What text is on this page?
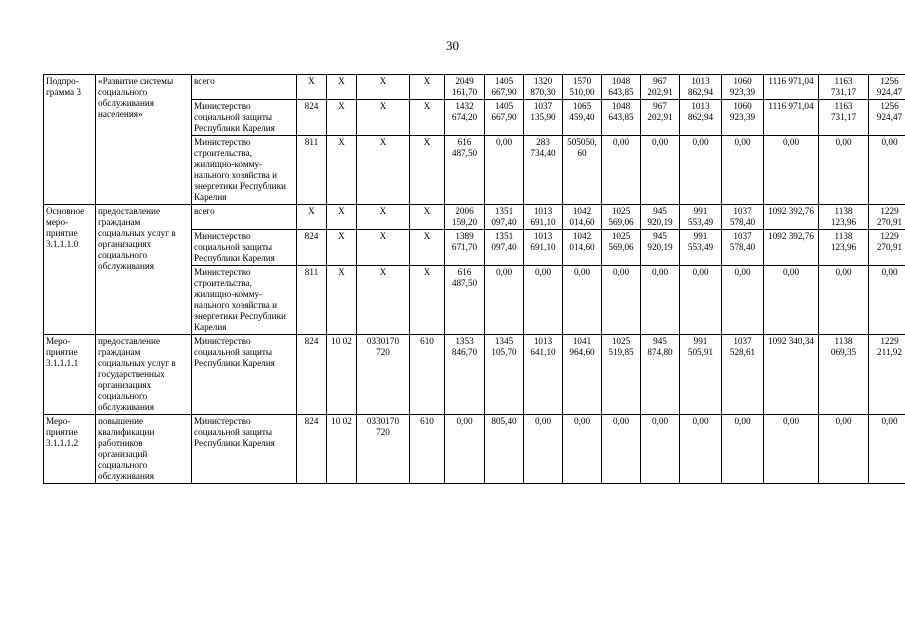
30
Подпро-грамма 3	«Развитие системы социального обслуживания населения»	всего	Х	Х	Х	Х	2049 161,70	1405 667,90	1320 870,30	1570 510,00	1048 643,85	967 202,91	1013 862,94	1060 923,39	1116 971,04	1163 731,17	1256 924,47
		Министерство социальной защиты Республики Карелия	824	Х	Х	Х	1432 674,20	1405 667,90	1037 135,90	1065 459,40	1048 643,85	967 202,91	1013 862,94	1060 923,39	1116 971,04	1163 731,17	1256 924,47
		Министерство строительства, жилищно-комму-нального хозяйства и энергетики Республики Карелия	811	Х	Х	Х	616 487,50	0,00	283 734,40	505050, 60	0,00	0,00	0,00	0,00	0,00	0,00	0,00
Основное меро-приятие 3.1.1.1.0	предоставление гражданам социальных услуг в организациях социального обслуживания	всего	Х	Х	Х	Х	2006 159,20	1351 097,40	1013 691,10	1042 014,60	1025 569,06	945 920,19	991 553,49	1037 578,40	1092 392,76	1138 123,96	1229 270,91
		Министерство социальной защиты Республики Карелия	824	Х	Х	Х	1389 671,70	1351 097,40	1013 691,10	1042 014,60	1025 569,06	945 920,19	991 553,49	1037 578,40	1092 392,76	1138 123,96	1229 270,91
		Министерство строительства, жилищно-комму-нального хозяйства и энергетики Республики Карелия	811	Х	Х	Х	616 487,50	0,00	0,00	0,00	0,00	0,00	0,00	0,00	0,00	0,00	0,00
Меро-приятие 3.1.1.1.1	предоставление гражданам социальных услуг в государственных организациях социального обслуживания	Министерство социальной защиты Республики Карелия	824	10 02	0330170 720	610	1353 846,70	1345 105,70	1013 641,10	1041 964,60	1025 519,85	945 874,80	991 505,91	1037 528,61	1092 340,34	1138 069,35	1229 211,92
Меро-приятие 3.1.1.1.2	повышение квалификации работников организаций социального обслуживания	Министерство социальной защиты Республики Карелия	824	10 02	0330170 720	610	0,00	805,40	0,00	0,00	0,00	0,00	0,00	0,00	0,00	0,00	0,00
